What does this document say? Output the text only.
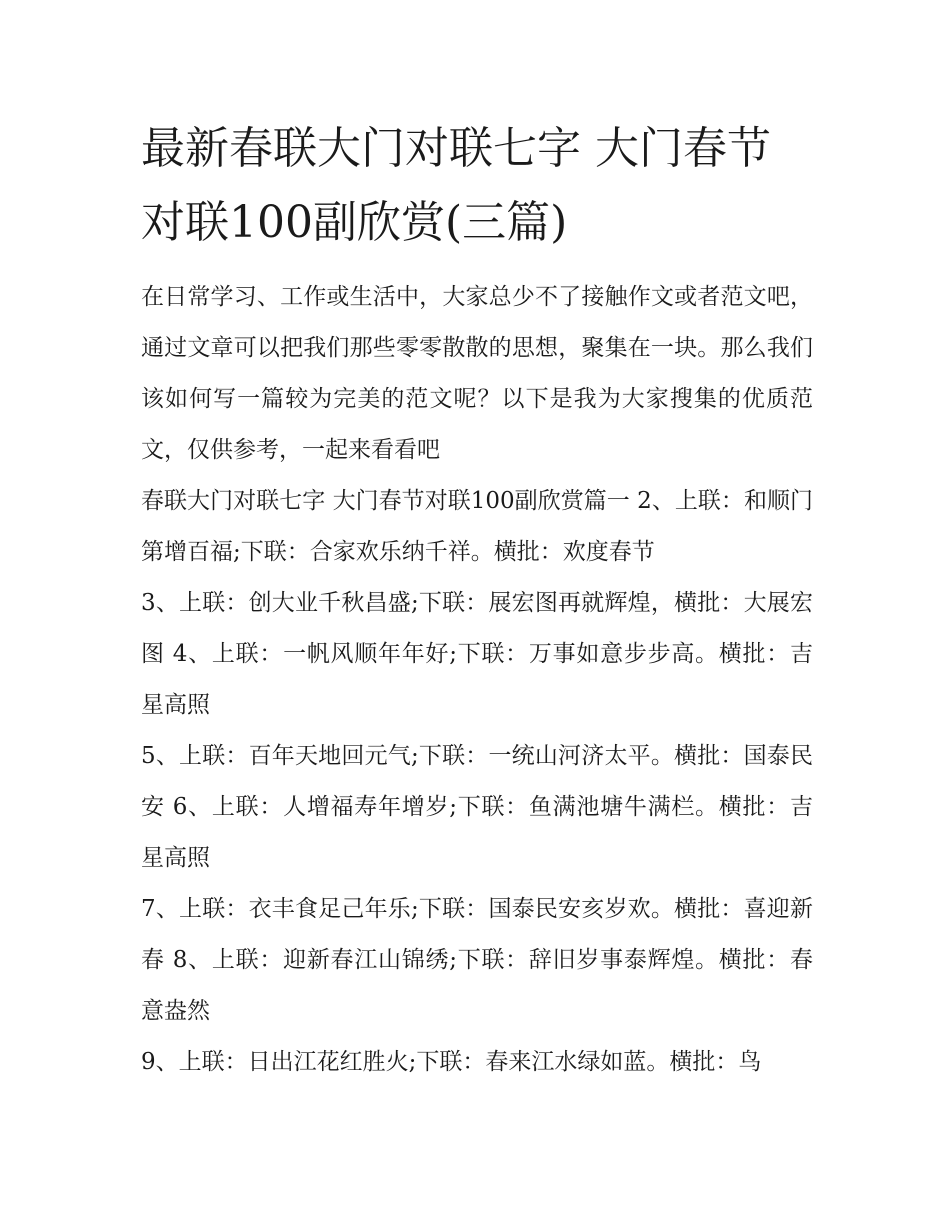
最新春联大门对联七字 大门春节对联100副欣赏(三篇)

在日常学习、工作或生活中，大家总少不了接触作文或者范文吧，通过文章可以把我们那些零零散散的思想，聚集在一块。那么我们该如何写一篇较为完美的范文呢？以下是我为大家搜集的优质范文，仅供参考，一起来看看吧

春联大门对联七字 大门春节对联100副欣赏篇一 2、上联：和顺门第增百福;下联：合家欢乐纳千祥。横批：欢度春节

3、上联：创大业千秋昌盛;下联：展宏图再就辉煌，横批：大展宏图 4、上联：一帆风顺年年好;下联：万事如意步步高。横批：吉星高照

5、上联：百年天地回元气;下联：一统山河济太平。横批：国泰民安 6、上联：人增福寿年增岁;下联：鱼满池塘牛满栏。横批：吉星高照

7、上联：衣丰食足己年乐;下联：国泰民安亥岁欢。横批：喜迎新春 8、上联：迎新春江山锦绣;下联：辞旧岁事泰辉煌。横批：春意盎然

9、上联：日出江花红胜火;下联：春来江水绿如蓝。横批：鸟
